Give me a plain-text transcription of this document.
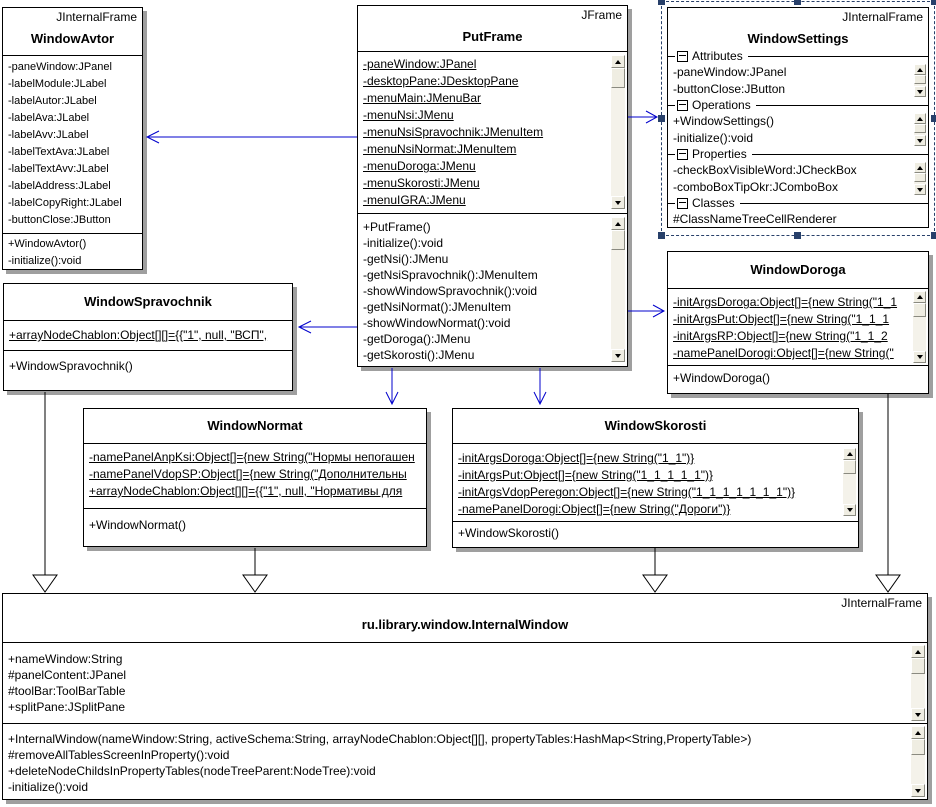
JInternalFrame
WindowAvtor
-paneWindow:JPanel
-labelModule:JLabel
-labelAutor:JLabel
-labelAva:JLabel
-labelAvv:JLabel
-labelTextAva:JLabel
-labelTextAvv:JLabel
-labelAddress:JLabel
-labelCopyRight:JLabel
-buttonClose:JButton
+WindowAvtor()
-initialize():void
JFrame
PutFrame
-paneWindow:JPanel
-desktopPane:JDesktopPane
-menuMain:JMenuBar
-menuNsi:JMenu
-menuNsiSpravochnik:JMenuItem
-menuNsiNormat:JMenuItem
-menuDoroga:JMenu
-menuSkorosti:JMenu
-menuIGRA:JMenu
+PutFrame()
-initialize():void
-getNsi():JMenu
-getNsiSpravochnik():JMenuItem
-showWindowSpravochnik():void
-getNsiNormat():JMenuItem
-showWindowNormat():void
-getDoroga():JMenu
-getSkorosti():JMenu
JInternalFrame
WindowSettings
Attributes
-paneWindow:JPanel
-buttonClose:JButton
Operations
+WindowSettings()
-initialize():void
Properties
-checkBoxVisibleWord:JCheckBox
-comboBoxTipOkr:JComboBox
Classes
#ClassNameTreeCellRenderer
WindowSpravochnik
+arrayNodeChablon:Object[][]={{"1", null, "ВСП",
+WindowSpravochnik()
WindowDoroga
-initArgsDoroga:Object[]={new String("1_1
-initArgsPut:Object[]={new String("1_1_1
-initArgsRP:Object[]={new String("1_1_2
-namePanelDorogi:Object[]={new String("
+WindowDoroga()
WindowNormat
-namePanelAnpKsi:Object[]={new String("Нормы непогашен
-namePanelVdopSP:Object[]={new String("Дополнительны
+arrayNodeChablon:Object[][]={{"1", null, "Нормативы для
+WindowNormat()
WindowSkorosti
-initArgsDoroga:Object[]={new String("1_1")}
-initArgsPut:Object[]={new String("1_1_1_1_1")}
-initArgsVdopPeregon:Object[]={new String("1_1_1_1_1_1_1")}
-namePanelDorogi:Object[]={new String("Дороги")}
+WindowSkorosti()
JInternalFrame
ru.library.window.InternalWindow
+nameWindow:String
#panelContent:JPanel
#toolBar:ToolBarTable
+splitPane:JSplitPane
+InternalWindow(nameWindow:String, activeSchema:String, arrayNodeChablon:Object[][], propertyTables:HashMap<String,PropertyTable>)
#removeAllTablesScreenInProperty():void
+deleteNodeChildsInPropertyTables(nodeTreeParent:NodeTree):void
-initialize():void
